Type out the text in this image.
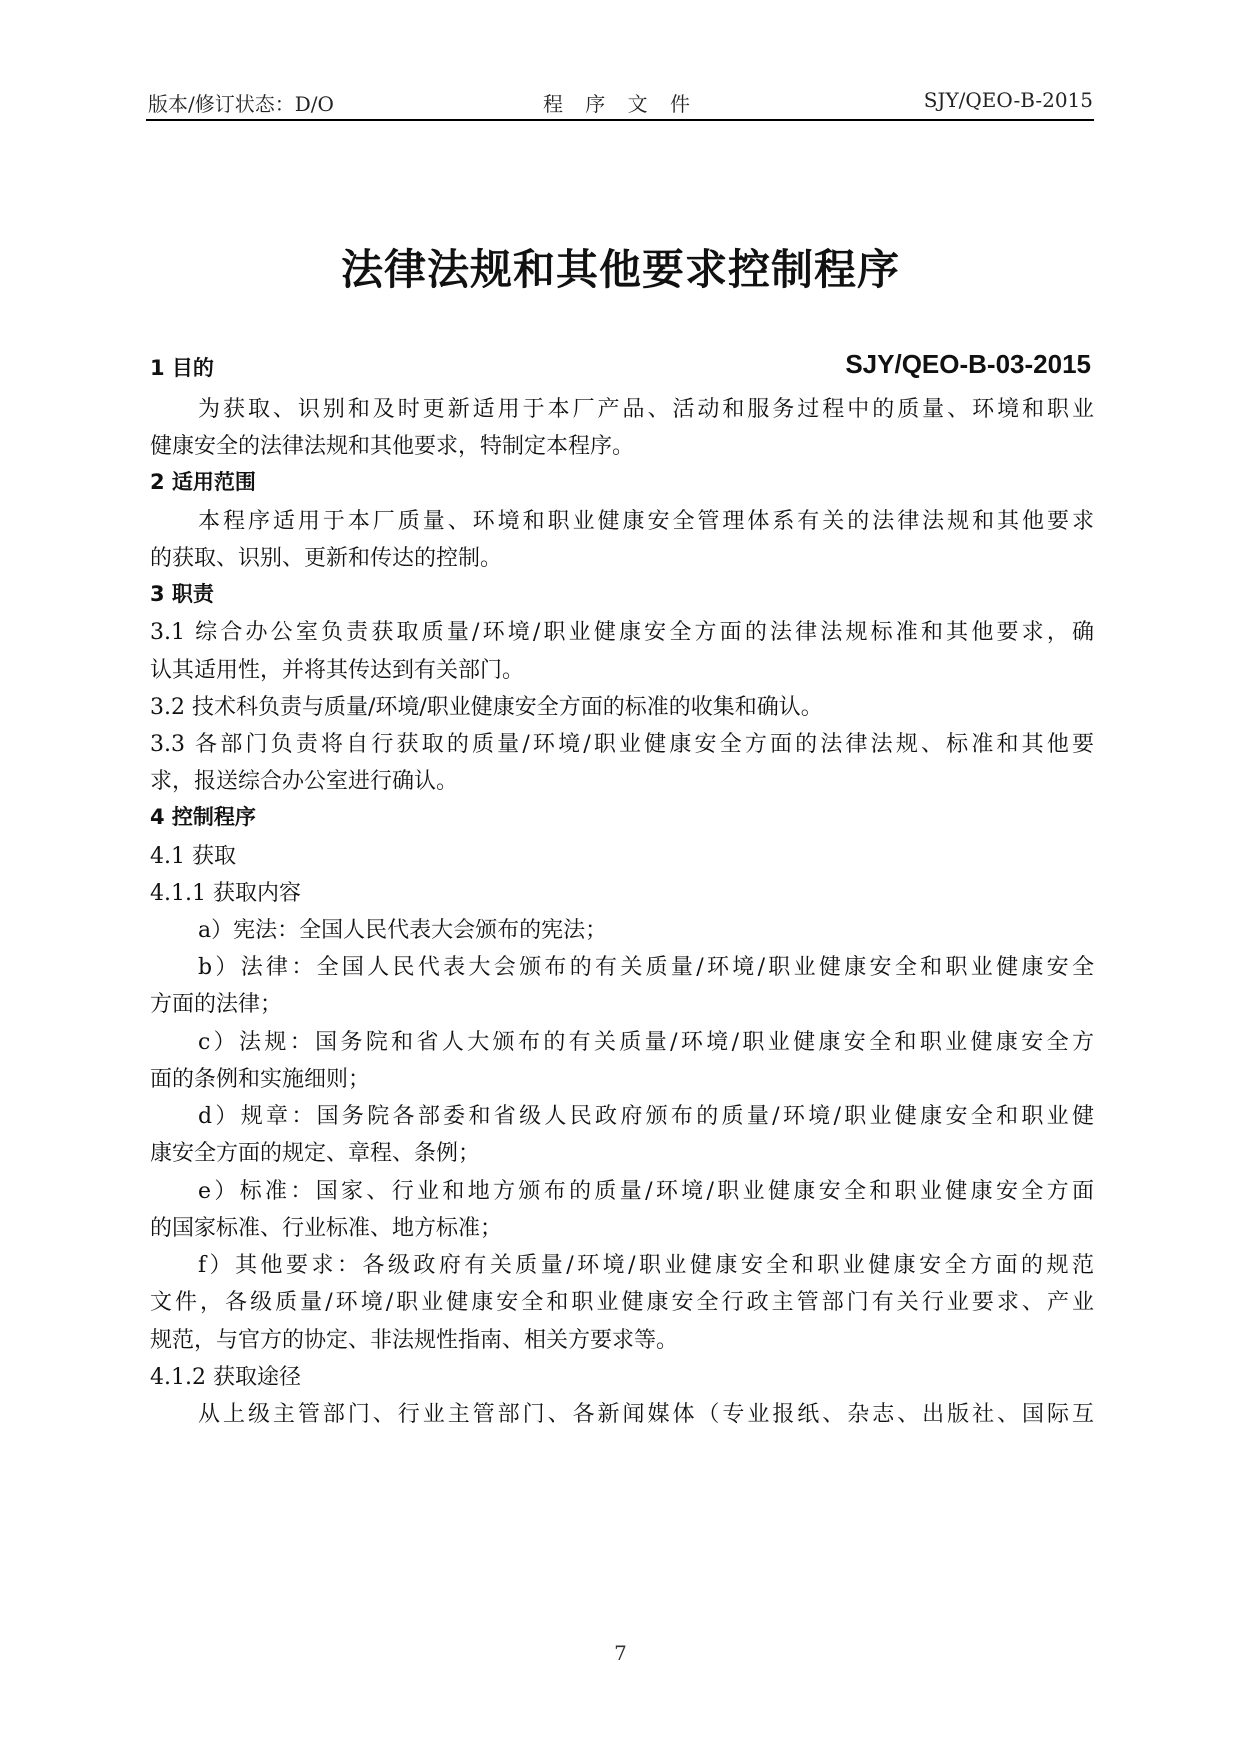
版本/修订状态：D/O	程 序 文 件	SJY/QEO-B-2015
法律法规和其他要求控制程序
SJY/QEO-B-03-2015
1 目的
为获取、识别和及时更新适用于本厂产品、活动和服务过程中的质量、环境和职业
健康安全的法律法规和其他要求，特制定本程序。
2 适用范围
本程序适用于本厂质量、环境和职业健康安全管理体系有关的法律法规和其他要求
的获取、识别、更新和传达的控制。
3 职责
3.1 综合办公室负责获取质量/环境/职业健康安全方面的法律法规标准和其他要求，确
认其适用性，并将其传达到有关部门。
3.2 技术科负责与质量/环境/职业健康安全方面的标准的收集和确认。
3.3 各部门负责将自行获取的质量/环境/职业健康安全方面的法律法规、标准和其他要
求，报送综合办公室进行确认。
4 控制程序
4.1 获取
4.1.1 获取内容
a）宪法：全国人民代表大会颁布的宪法；
b）法律：全国人民代表大会颁布的有关质量/环境/职业健康安全和职业健康安全
方面的法律；
c）法规：国务院和省人大颁布的有关质量/环境/职业健康安全和职业健康安全方
面的条例和实施细则；
d）规章：国务院各部委和省级人民政府颁布的质量/环境/职业健康安全和职业健
康安全方面的规定、章程、条例；
e）标准：国家、行业和地方颁布的质量/环境/职业健康安全和职业健康安全方面
的国家标准、行业标准、地方标准；
f）其他要求：各级政府有关质量/环境/职业健康安全和职业健康安全方面的规范
文件，各级质量/环境/职业健康安全和职业健康安全行政主管部门有关行业要求、产业
规范，与官方的协定、非法规性指南、相关方要求等。
4.1.2 获取途径
从上级主管部门、行业主管部门、各新闻媒体（专业报纸、杂志、出版社、国际互
7
